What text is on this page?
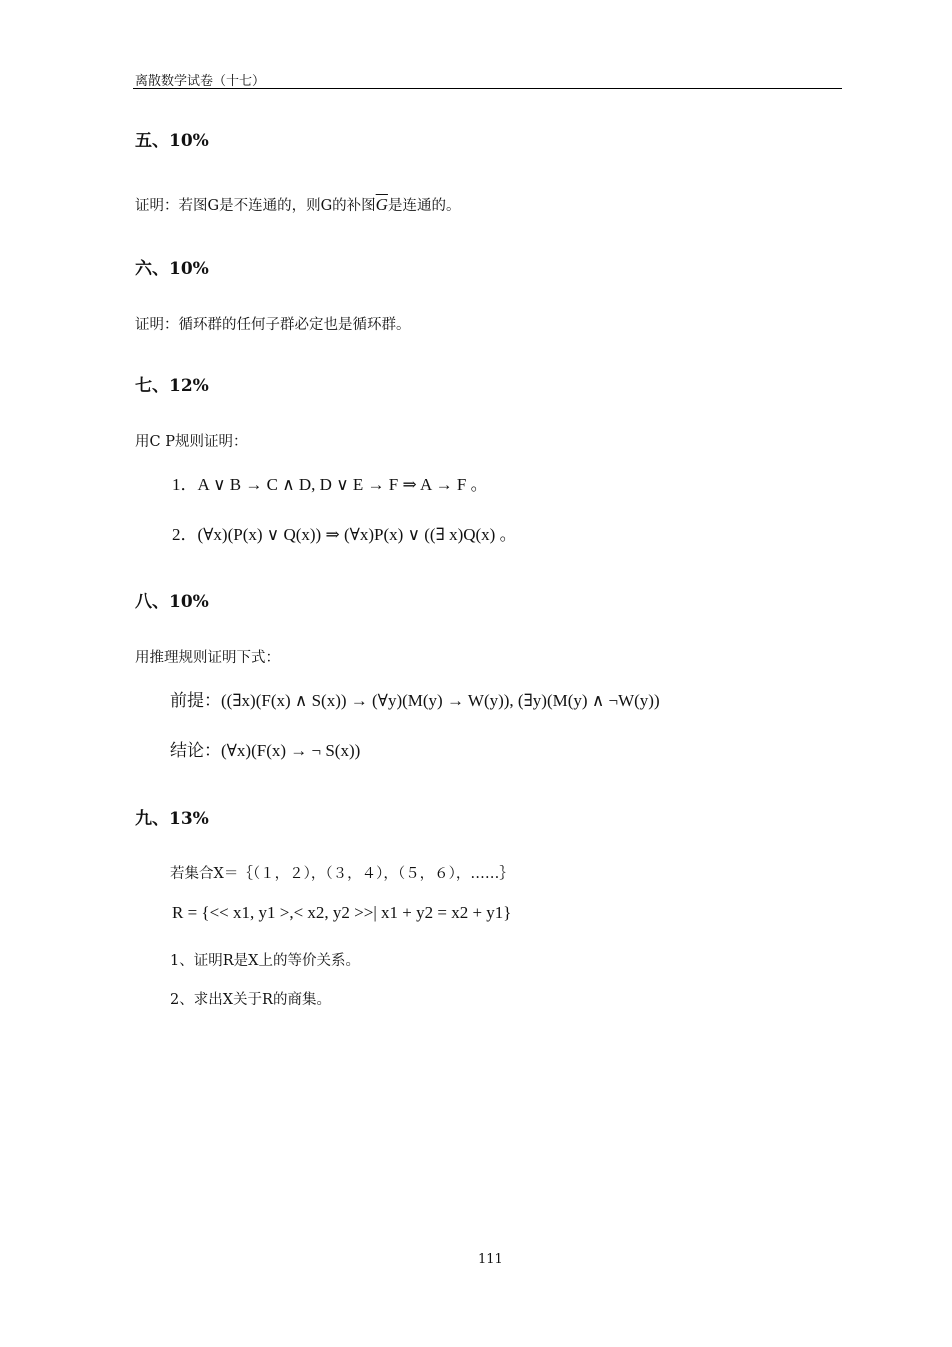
离散数学试卷（十七）
五、10%
证明：若图G是不连通的，则G的补图$\overline{G}$是连通的。
六、10%
证明：循环群的任何子群必定也是循环群。
七、12%
用C P规则证明：
1．A ∨ B → C ∧ D, D ∨ E → F ⇒ A → F 。
2．(∀x)(P(x) ∨ Q(x)) ⇒ (∀x)P(x) ∨ ((∃ x)Q(x) 。
八、10%
用推理规则证明下式：
前提：((∃x)(F(x) ∧ S(x)) → (∀y)(M(y) → W(y)), (∃y)(M(y) ∧ ¬W(y))
结论：(∀x)(F(x) → ¬ S(x))
九、13%
若集合X＝｛（１，２），（３，４），（５，６），……｝
R = {<< x1, y1 >,< x2, y2 >>| x1 + y2 = x2 + y1}
1、证明R是X上的等价关系。
2、求出X关于R的商集。
111
